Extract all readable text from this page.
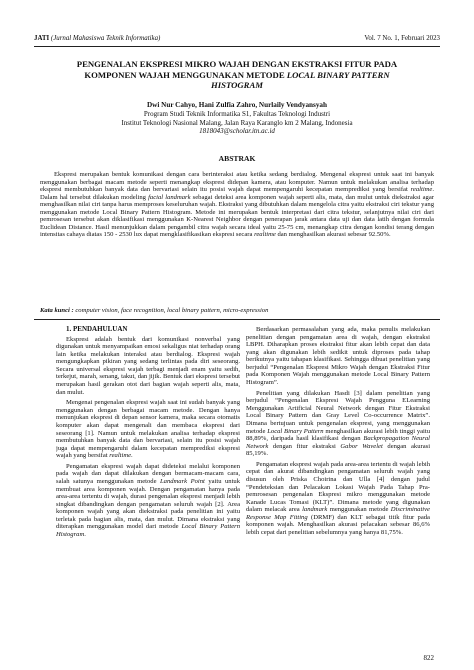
JATI (Jurnal Mahasiswa Teknik Informatika)	Vol. 7 No. 1, Februari 2023
PENGENALAN EKSPRESI MIKRO WAJAH DENGAN EKSTRAKSI FITUR PADA
KOMPONEN WAJAH MENGGUNAKAN METODE LOCAL BINARY PATTERN
HISTOGRAM
Dwi Nur Cahyo, Hani Zulfia Zahro, Nurlaily Vendyansyah
Program Studi Teknik Informatika S1, Fakultas Teknologi Industri
Institut Teknologi Nasional Malang, Jalan Raya Karanglo km 2 Malang, Indonesia
1818043@scholar.itn.ac.id
ABSTRAK
Ekspresi merupakan bentuk komunikasi dengan cara berinteraksi atau ketika sedang berdialog. Mengenal ekspresi untuk saat ini banyak menggunakan berbagai macam metode seperti menangkap ekspresi didepan kamera, atau komputer. Namun untuk melakukan analisa terhadap ekspresi membutuhkan banyak data dan bervariasi selain itu posisi wajah dapat mempengaruhi kecepatan memprediksi yang bersifat realtime. Dalam hal tersebut dilakukan modeling facial landmark sebagai deteksi area komponen wajah seperti alis, mata, dan mulut untuk diekstraksi agar menghasilkan nilai ciri tanpa harus memproses keseluruhan wajah. Ekstraksi yang dibutuhkan dalam mengelola citra yaitu ekstraksi ciri tekstur yang menggunakan metode Local Binary Pattern Histogram. Metode ini merupakan bentuk interpretasi dari citra tekstur, selanjutnya nilai ciri dari pemrosesan tersebut akan diklasifikasi menggunakan K-Nearest Neighbor dengan penerapan jarak antara data uji dan data latih dengan formula Euclidean Distance. Hasil menunjukkan dalam pengambil citra wajah secara ideal yaitu 25-75 cm, menangkap citra dengan kondisi terang dengan intensitas cahaya diatas 150 - 2530 lux dapat mengklasifikasikan ekspresi secara realtime dan menghasilkan akurasi sebesar 92.50%.
Kata kunci : computer vision, face recognition, local binary pattern, micro-expression
1. PENDAHULUAN

Ekspresi adalah bentuk dari komunikasi nonverbal yang digunakan untuk menyampaikan emosi sekaligus niat terhadap orang lain ketika melakukan interaksi atau berdialog. Ekspresi wajah mengungkapkan pikiran yang sedang terlintas pada diri seseorang. Secara universal ekspresi wajah terbagi menjadi enam yaitu sedih, terkejut, marah, senang, takut, dan jijik. Bentuk dari ekspresi tersebut merupakan hasil gerakan otot dari bagian wajah seperti alis, mata, dan mulut.

Mengenai pengenalan ekspresi wajah saat ini sudah banyak yang menggunakan dengan berbagai macam metode. Dengan hanya menunjukan ekspresi di depan sensor kamera, maka secara otomatis komputer akan dapat mengenali dan membaca ekspresi dari seseorang [1]. Namun untuk melakukan analisa terhadap ekspresi membutuhkan banyak data dan bervariasi, selain itu posisi wajah juga dapat mempengaruhi dalam kecepatan memprediksi ekspresi wajah yang bersifat realtime.

Pengamatan ekspresi wajah dapat dideteksi melalui komponen pada wajah dan dapat dilakukan dengan bermacam-macam cara, salah satunya menggunakan metode Landmark Point yaitu untuk membuat area komponen wajah. Dengan pengamatan hanya pada area-area tertentu di wajah, durasi pengenalan ekspresi menjadi lebih singkat dibandingkan dengan pengamatan seluruh wajah [2]. Area komponen wajah yang akan diekstraksi pada penelitian ini yaitu terletak pada bagian alis, mata, dan mulut. Dimana ekstraksi yang diterapkan menggunakan model dari metode Local Binary Pattern Histogram.

Berdasarkan permasalahan yang ada, maka penulis melakukan penelitian dengan pengamatan area di wajah, dengan ekstraksi LBPH. Diharapkan proses ekstraksi fitur akan lebih cepat dan data yang akan digunakan lebih sedikit untuk diproses pada tahap berikutnya yaitu tahapan klasifikasi. Sehingga dibuat penelitian yang berjudul “Pengenalan Ekspresi Mikro Wajah dengan Ekstraksi Fitur pada Komponen Wajah menggunakan metode Local Binary Pattern Histogram”.

Penelitian yang dilakukan Hasdi [3] dalam penelitian yang berjudul “Pengenalan Ekspresi Wajah Pengguna ELearning Menggunakan Artificial Neural Network dengan Fitur Ekstraksi Local Binary Pattern dan Gray Level Co-occurrence Matrix”. Dimana bertujuan untuk pengenalan ekspresi, yang menggunakan metode Local Binary Pattern menghasilkan akurasi lebih tinggi yaitu 88,89%, daripada hasil klasifikasi dengan Backpropagation Neural Network dengan fitur ekstraksi Gabor Wavelet dengan akurasi 85,19%.

Pengamatan ekspresi wajah pada area-area tertentu di wajah lebih cepat dan akurat dibandingkan pengamatan seluruh wajah yang disusun oleh Priska Choirina dan Ulla [4] dengan judul “Pendeteksian dan Pelacakan Lokasi Wajah Pada Tahap Pra-pemrosesan pengenalan Ekspresi mikro menggunakan metode Kanade Lucas Tomasi (KLT)”. Dimana metode yang digunakan dalam melacak area landmark menggunakan metode Discriminative Response Map Fitting (DRMF) dan KLT sebagai titik fitur pada komponen wajah. Menghasilkan akurasi pelacakan sebesar 86,6% lebih cepat dari penelitian sebelumnya yang hanya 81,75%.

822
